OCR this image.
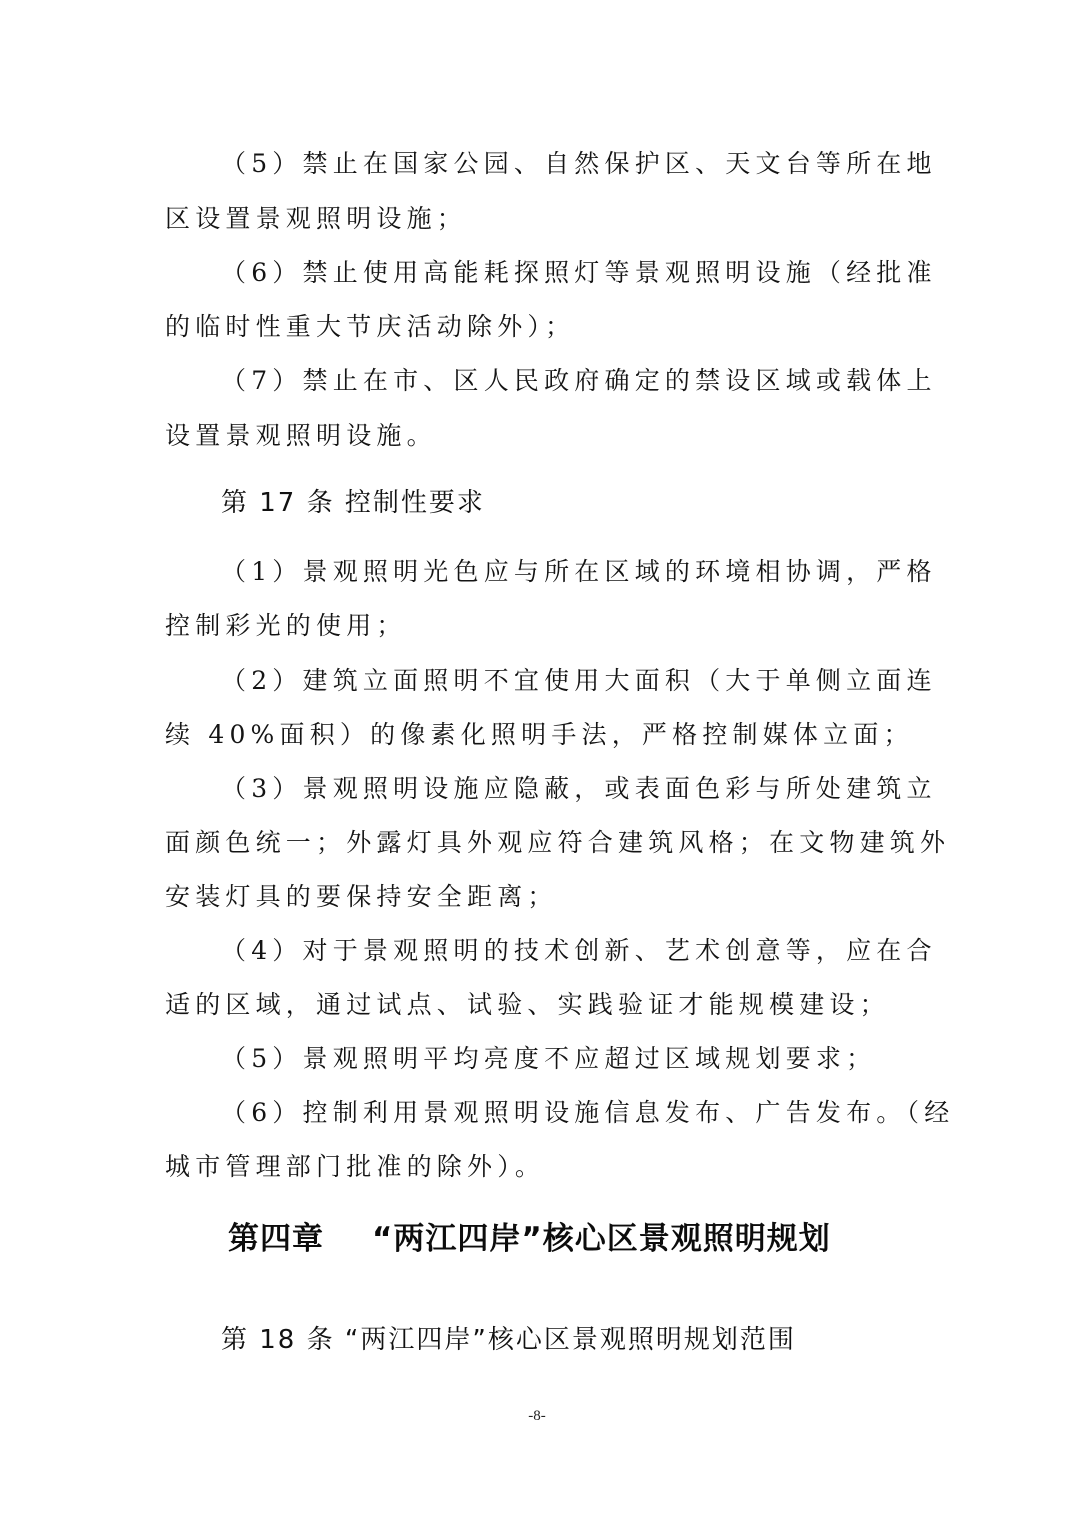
（5）禁止在国家公园、自然保护区、天文台等所在地
区设置景观照明设施；
（6）禁止使用高能耗探照灯等景观照明设施（经批准
的临时性重大节庆活动除外）；
（7）禁止在市、区人民政府确定的禁设区域或载体上
设置景观照明设施。
第 17 条 控制性要求
（1）景观照明光色应与所在区域的环境相协调，严格
控制彩光的使用；
（2）建筑立面照明不宜使用大面积（大于单侧立面连
续 40%面积）的像素化照明手法，严格控制媒体立面；
（3）景观照明设施应隐蔽，或表面色彩与所处建筑立
面颜色统一；外露灯具外观应符合建筑风格；在文物建筑外
安装灯具的要保持安全距离；
（4）对于景观照明的技术创新、艺术创意等，应在合
适的区域，通过试点、试验、实践验证才能规模建设；
（5）景观照明平均亮度不应超过区域规划要求；
（6）控制利用景观照明设施信息发布、广告发布。（经
城市管理部门批准的除外）。
第四章 “两江四岸”核心区景观照明规划
第 18 条 “两江四岸”核心区景观照明规划范围
-8-
